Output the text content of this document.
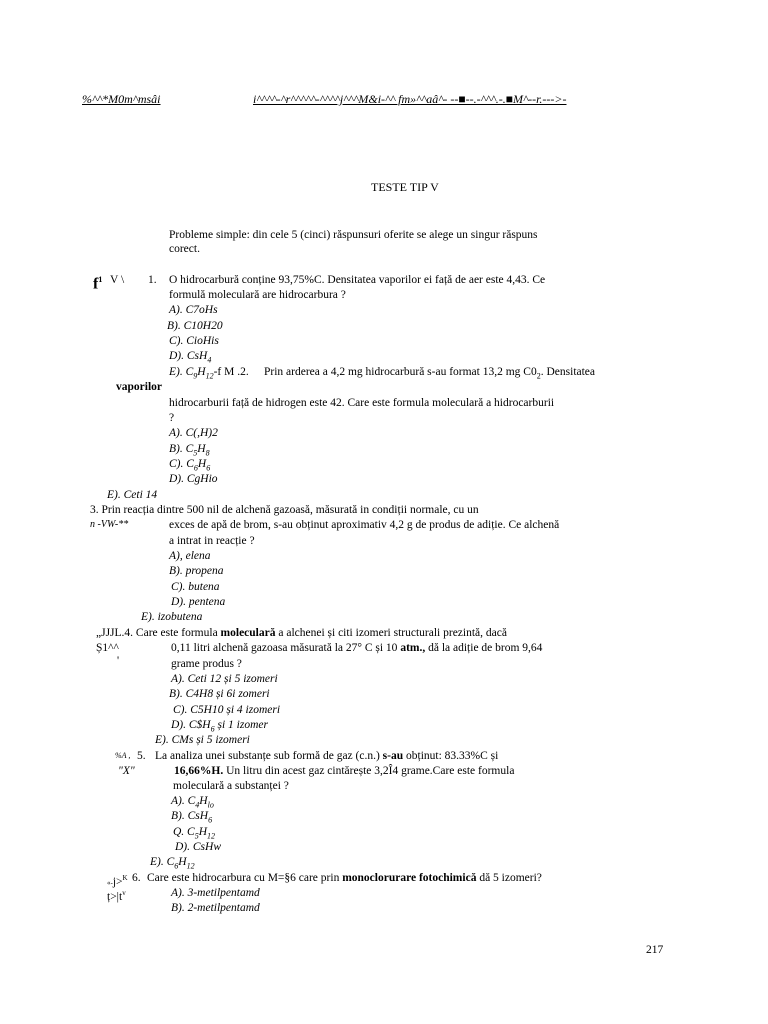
%^^*M0m^msâi	i^^^^-^r^^^^^-^^^^j^^^M&i-^^ fm»^^aâ^- --■--.-^^^.-.■M^--r.--->-
TESTE TIP V
Probleme simple: din cele 5 (cinci) răspunsuri oferite se alege un singur răspuns
corect.
$f^1$ V \ 1. O hidrocarbură conține 93,75%C. Densitatea vaporilor ei față de aer este 4,43. Ce
formulă moleculară are hidrocarbura ?
A). C7oHs
B). C10H20
C). CioHis
D). CsH$_4$
E). $C_9H_{12}-f$ M .2. Prin arderea a 4,2 mg hidrocarbură s-au format 13,2 mg $C0_2$. Densitatea
vaporilor
hidrocarburii față de hidrogen este 42. Care este formula moleculară a hidrocarburii
?
A). C(,H)2
B). $C_5H_8$
C). $C_6H_6$
D). CgHio
E). Ceti 14
3. Prin reacția dintre 500 nil de alchenă gazoasă, măsurată in condiții normale, cu un
n -VW-**	exces de apă de brom, s-au obținut aproximativ 4,2 g de produs de adiție. Ce alchenă
a intrat in reacție ?
A), elena
B). propena
C). butena
D). pentena
E). izobutena
„JJJL.4. Care este formula moleculară a alchenei și citi izomeri structurali prezintă, dacă
Ș1^^	0,11 litri alchenă gazoasa măsurată la 27° C și 10 atm., dă la adiție de brom 9,64
'	grame produs ?
A). Ceti 12 și 5 izomeri
B). C4H8 și 6i zomeri
C). C5H10 și 4 izomeri
D). $C\$H_6$ și 1 izomer
E). CMs și 5 izomeri
%A , 5. La analiza unei substanțe sub formă de gaz (c.n.) s-au obținut: 83.33%C și
"X"	16,66%H. Un litru din acest gaz cintărește 3,2Î4 grame.Care este formula
moleculară a substanței ?
A). $C_4H_{lo}$
B). CsH$_6$
Q. $C_5H_{12}$
D). CsHw
E). $C_6H_{12}$
«-j>$^K$ 6. Care este hidrocarbura cu M=§6 care prin monoclorurare fotochimică dă 5 izomeri?
$ț>|t^v$	A). 3-metilpentamd
B). 2-metilpentamd
217
